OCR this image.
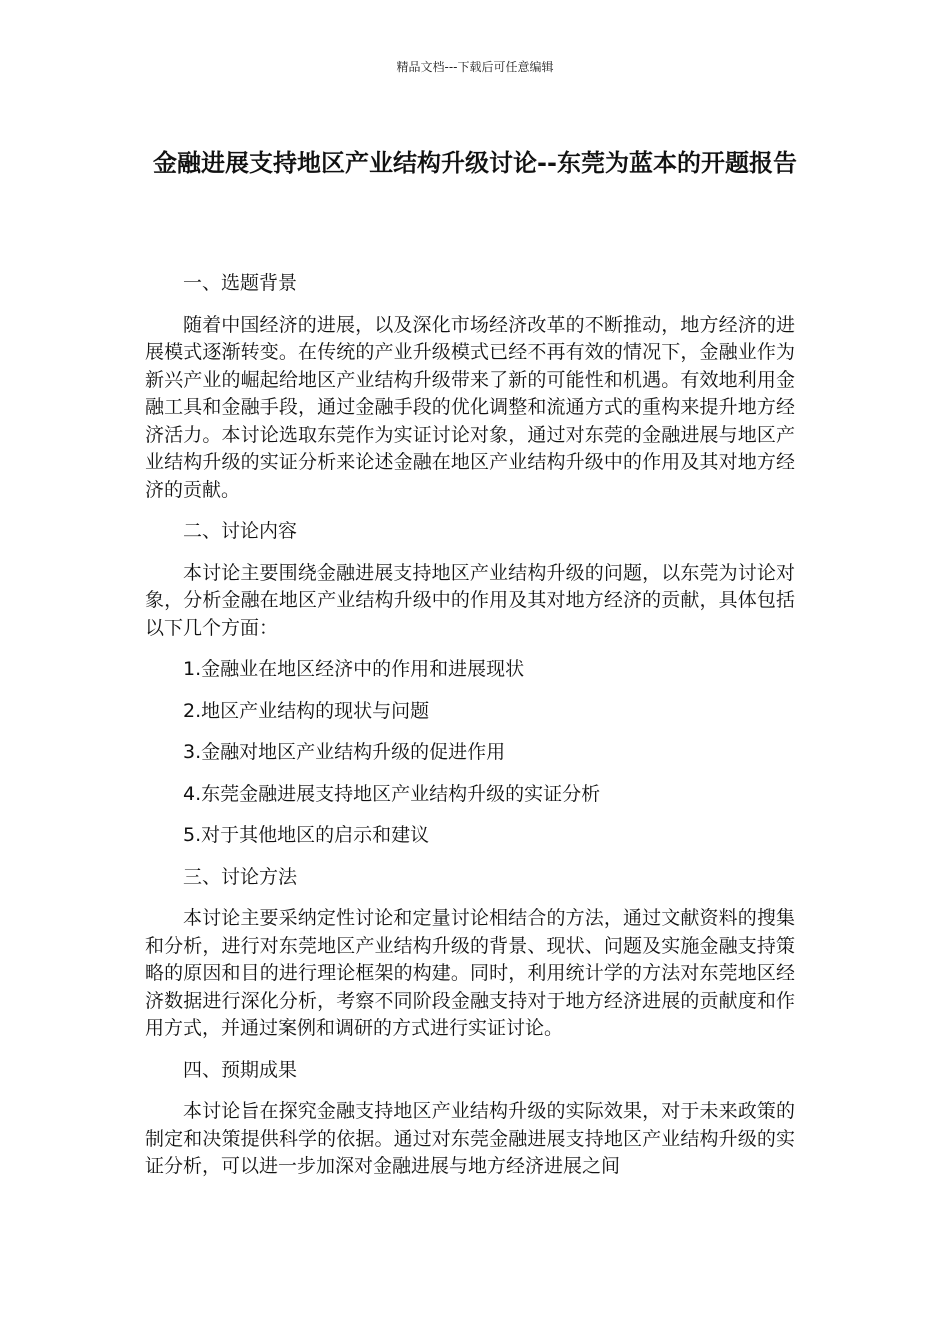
精品文档---下载后可任意编辑
金融进展支持地区产业结构升级讨论--东莞为蓝本的开题报告
一、选题背景
随着中国经济的进展，以及深化市场经济改革的不断推动，地方经济的进展模式逐渐转变。在传统的产业升级模式已经不再有效的情况下，金融业作为新兴产业的崛起给地区产业结构升级带来了新的可能性和机遇。有效地利用金融工具和金融手段，通过金融手段的优化调整和流通方式的重构来提升地方经济活力。本讨论选取东莞作为实证讨论对象，通过对东莞的金融进展与地区产业结构升级的实证分析来论述金融在地区产业结构升级中的作用及其对地方经济的贡献。
二、讨论内容
本讨论主要围绕金融进展支持地区产业结构升级的问题，以东莞为讨论对象，分析金融在地区产业结构升级中的作用及其对地方经济的贡献，具体包括以下几个方面：
1.金融业在地区经济中的作用和进展现状
2.地区产业结构的现状与问题
3.金融对地区产业结构升级的促进作用
4.东莞金融进展支持地区产业结构升级的实证分析
5.对于其他地区的启示和建议
三、讨论方法
本讨论主要采纳定性讨论和定量讨论相结合的方法，通过文献资料的搜集和分析，进行对东莞地区产业结构升级的背景、现状、问题及实施金融支持策略的原因和目的进行理论框架的构建。同时，利用统计学的方法对东莞地区经济数据进行深化分析，考察不同阶段金融支持对于地方经济进展的贡献度和作用方式，并通过案例和调研的方式进行实证讨论。
四、预期成果
本讨论旨在探究金融支持地区产业结构升级的实际效果，对于未来政策的制定和决策提供科学的依据。通过对东莞金融进展支持地区产业结构升级的实证分析，可以进一步加深对金融进展与地方经济进展之间
